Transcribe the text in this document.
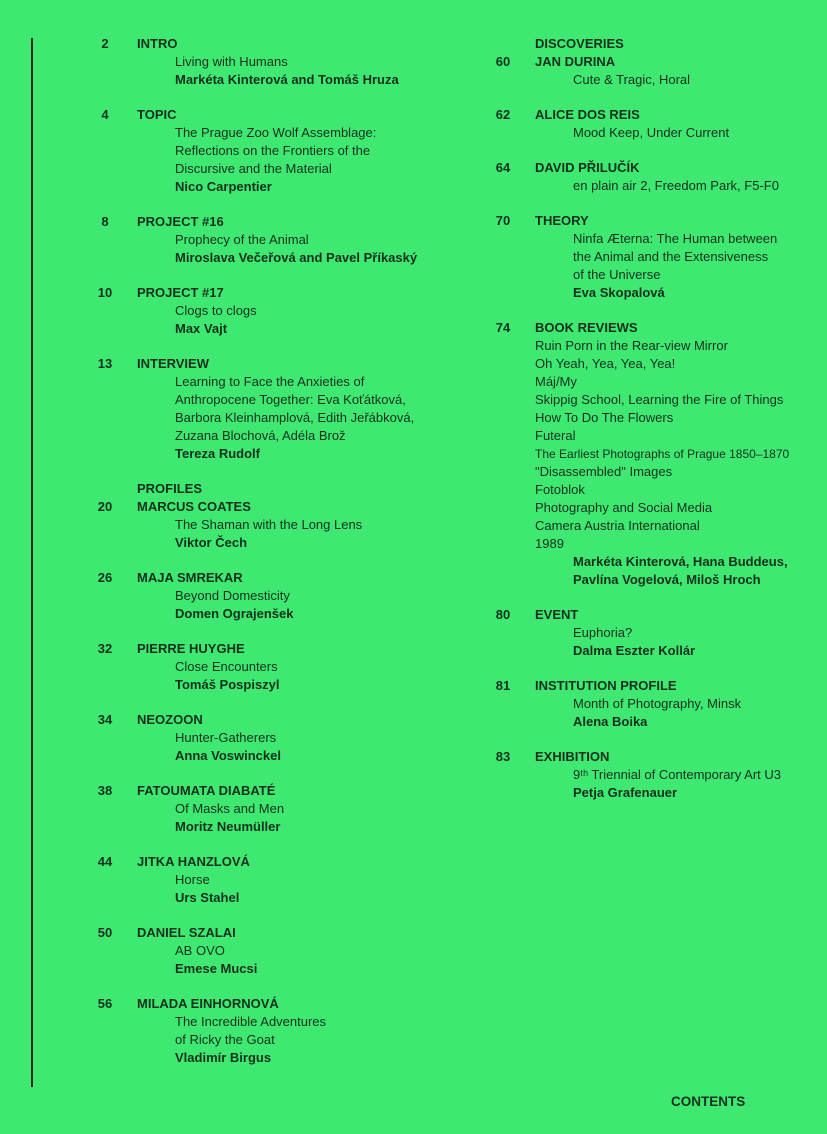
INTRO
2
Living with Humans
Markéta Kinterová and Tomáš Hruza
TOPIC
4
The Prague Zoo Wolf Assemblage:
Reflections on the Frontiers of the
Discursive and the Material
Nico Carpentier
PROJECT #16
8
Prophecy of the Animal
Miroslava Večeřová and Pavel Příkaský
PROJECT #17
10
Clogs to clogs
Max Vajt
INTERVIEW
13
Learning to Face the Anxieties of
Anthropocene Together: Eva Koťátková,
Barbora Kleinhamplová, Edith Jeřábková,
Zuzana Blochová, Adéla Brož
Tereza Rudolf
PROFILES
MARCUS COATES
20
The Shaman with the Long Lens
Viktor Čech
MAJA SMREKAR
26
Beyond Domesticity
Domen Ograjenšek
PIERRE HUYGHE
32
Close Encounters
Tomáš Pospiszyl
NEOZOON
34
Hunter-Gatherers
Anna Voswinckel
FATOUMATA DIABATÉ
38
Of Masks and Men
Moritz Neumüller
JITKA HANZLOVÁ
44
Horse
Urs Stahel
DANIEL SZALAI
50
AB OVO
Emese Mucsi
MILADA EINHORNOVÁ
56
The Incredible Adventures
of Ricky the Goat
Vladimír Birgus
DISCOVERIES
JAN DURINA
60
Cute & Tragic, Horal
ALICE DOS REIS
62
Mood Keep, Under Current
DAVID PŘILUČÍK
64
en plain air 2, Freedom Park, F5-F0
THEORY
70
Ninfa Æterna: The Human between
the Animal and the Extensiveness
of the Universe
Eva Skopalová
BOOK REVIEWS
74
Ruin Porn in the Rear-view Mirror
Oh Yeah, Yea, Yea, Yea!
Máj/My
Skippig School, Learning the Fire of Things
How To Do The Flowers
Futeral
The Earliest Photographs of Prague 1850–1870
"Disassembled" Images
Fotoblok
Photography and Social Media
Camera Austria International
1989
Markéta Kinterová, Hana Buddeus,
Pavlína Vogelová, Miloš Hroch
EVENT
80
Euphoria?
Dalma Eszter Kollár
INSTITUTION PROFILE
81
Month of Photography, Minsk
Alena Boika
EXHIBITION
83
9ᵗʰ Triennial of Contemporary Art U3
Petja Grafenauer
CONTENTS
